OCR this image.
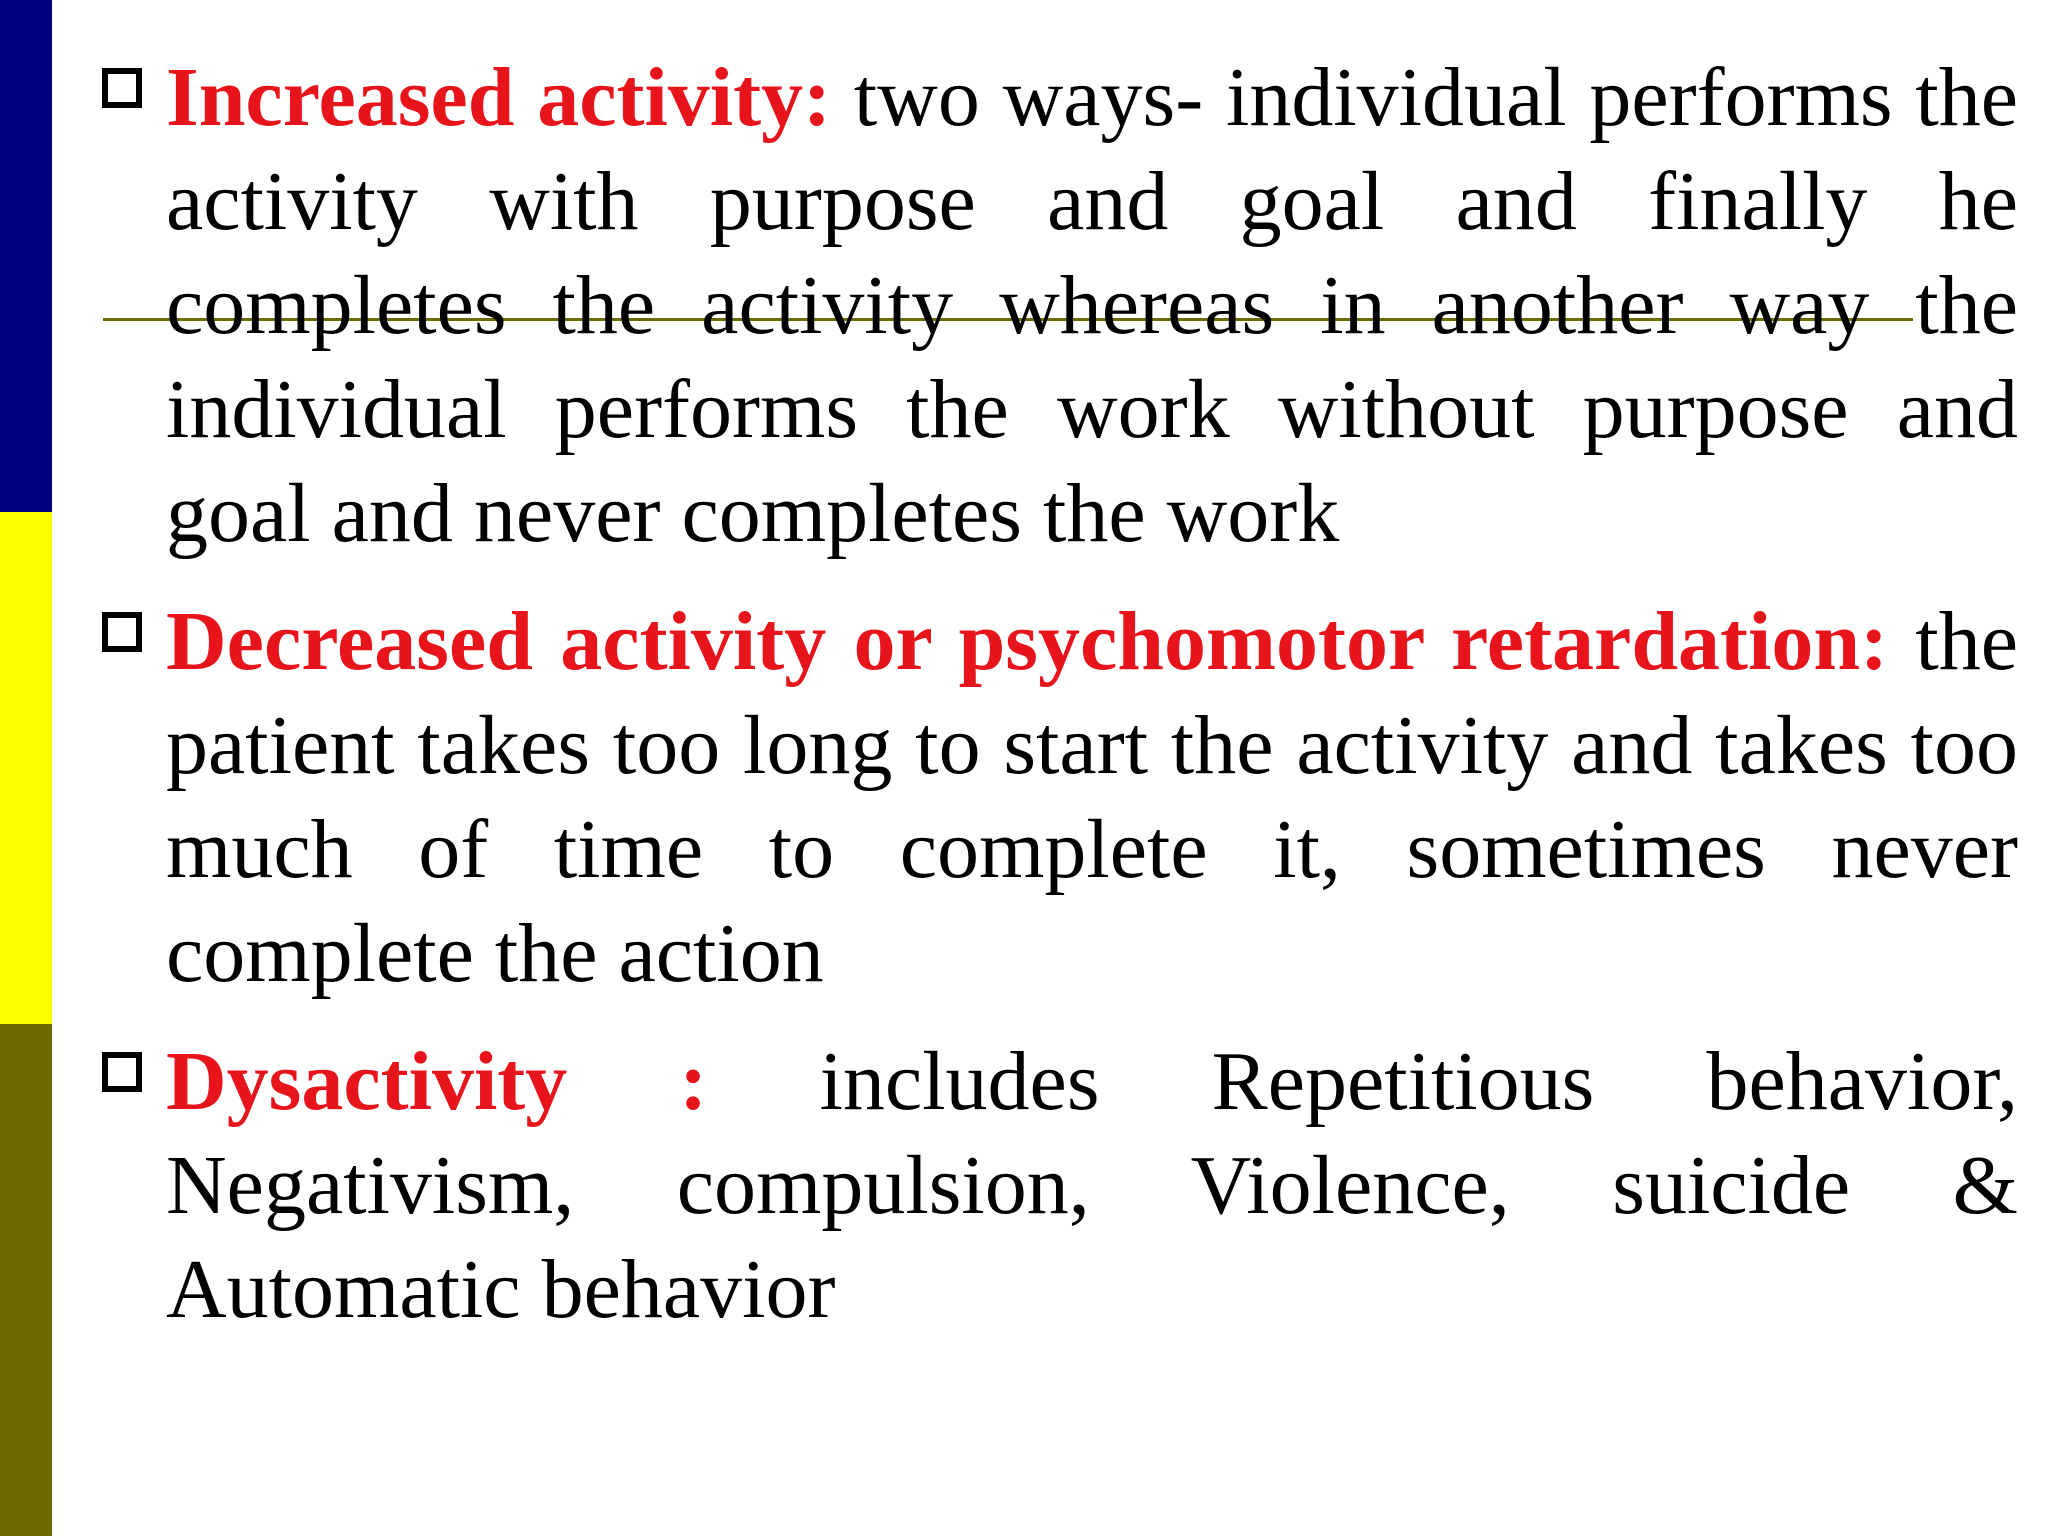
Increased activity: two ways- individual performs the activity with purpose and goal and finally he completes the activity whereas in another way the individual performs the work without purpose and goal and never completes the work
Decreased activity or psychomotor retardation: the patient takes too long to start the activity and takes too much of time to complete it, sometimes never complete the action
Dysactivity : includes Repetitious behavior, Negativism, compulsion, Violence, suicide & Automatic behavior
